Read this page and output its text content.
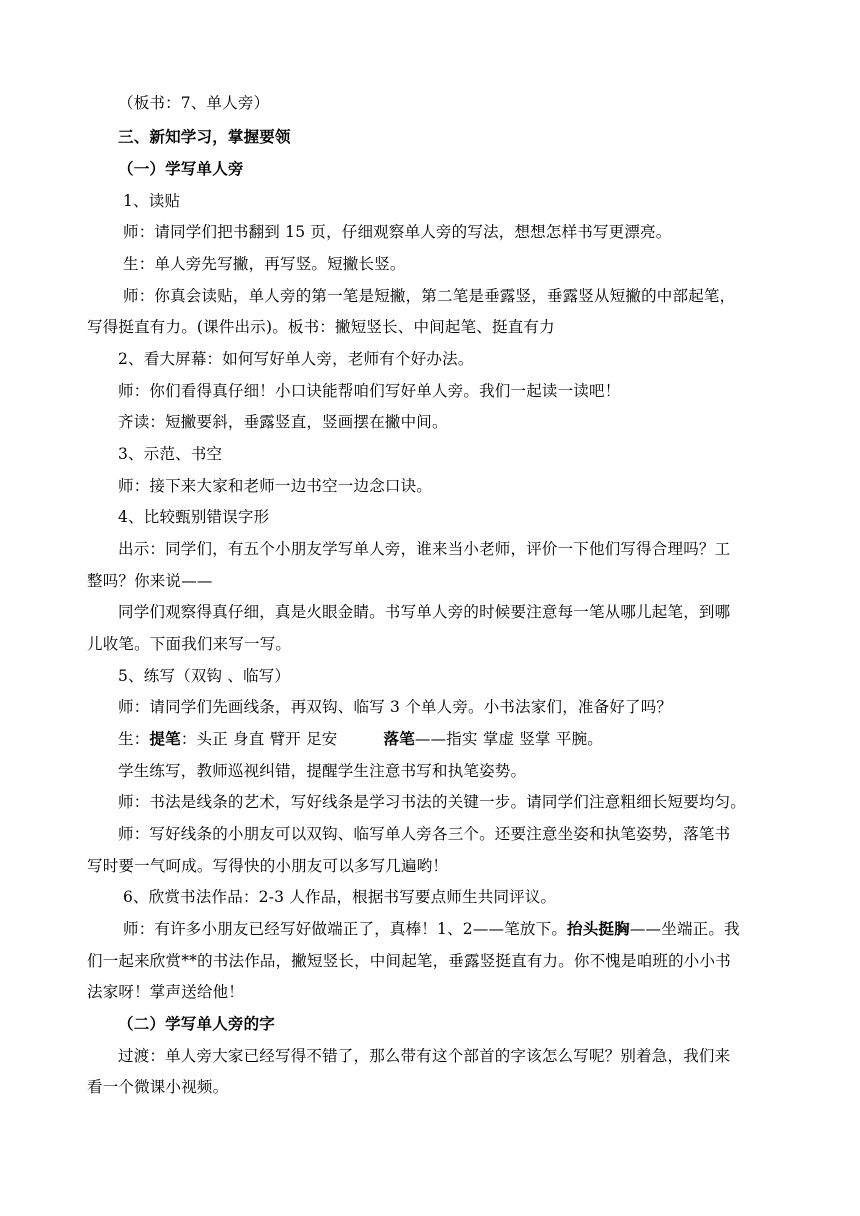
（板书：7、单人旁）
三、新知学习，掌握要领
（一）学写单人旁
1、读贴
师：请同学们把书翻到 15 页，仔细观察单人旁的写法，想想怎样书写更漂亮。
生：单人旁先写撇，再写竖。短撇长竖。
师：你真会读贴，单人旁的第一笔是短撇，第二笔是垂露竖，垂露竖从短撇的中部起笔，
写得挺直有力。(课件出示)。板书：撇短竖长、中间起笔、挺直有力
2、看大屏幕：如何写好单人旁，老师有个好办法。
师：你们看得真仔细！小口诀能帮咱们写好单人旁。我们一起读一读吧！
齐读：短撇要斜，垂露竖直，竖画摆在撇中间。
3、示范、书空
师：接下来大家和老师一边书空一边念口诀。
4、比较甄别错误字形
出示：同学们，有五个小朋友学写单人旁，谁来当小老师，评价一下他们写得合理吗？工
整吗？你来说——
同学们观察得真仔细，真是火眼金睛。书写单人旁的时候要注意每一笔从哪儿起笔，到哪
儿收笔。下面我们来写一写。
5、练写（双钩 、临写）
师：请同学们先画线条，再双钩、临写 3 个单人旁。小书法家们，准备好了吗？
生：提笔：头正 身直 臂开 足安	落笔——指实 掌虚 竖掌 平腕。
学生练写，教师巡视纠错，提醒学生注意书写和执笔姿势。
师：书法是线条的艺术，写好线条是学习书法的关键一步。请同学们注意粗细长短要均匀。
师：写好线条的小朋友可以双钩、临写单人旁各三个。还要注意坐姿和执笔姿势，落笔书
写时要一气呵成。写得快的小朋友可以多写几遍哟！
6、欣赏书法作品：2-3 人作品，根据书写要点师生共同评议。
师：有许多小朋友已经写好做端正了，真棒！1、2——笔放下。抬头挺胸——坐端正。我
们一起来欣赏**的书法作品，撇短竖长，中间起笔，垂露竖挺直有力。你不愧是咱班的小小书
法家呀！掌声送给他！
（二）学写单人旁的字
过渡：单人旁大家已经写得不错了，那么带有这个部首的字该怎么写呢？别着急，我们来
看一个微课小视频。
